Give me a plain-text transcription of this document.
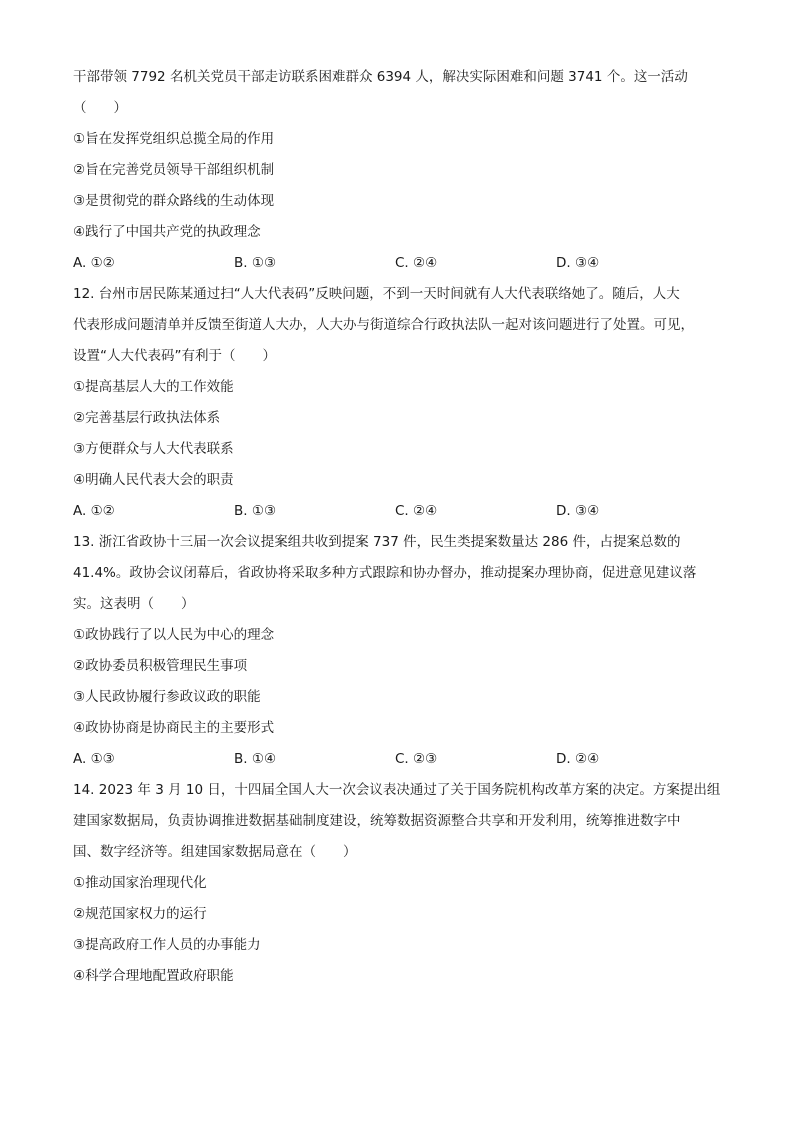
干部带领 7792 名机关党员干部走访联系困难群众 6394 人，解决实际困难和问题 3741 个。这一活动
（　　）
①旨在发挥党组织总揽全局的作用
②旨在完善党员领导干部组织机制
③是贯彻党的群众路线的生动体现
④践行了中国共产党的执政理念
A. ①②	B. ①③	C. ②④	D. ③④
12. 台州市居民陈某通过扫“人大代表码”反映问题，不到一天时间就有人大代表联络她了。随后，人大
代表形成问题清单并反馈至街道人大办，人大办与街道综合行政执法队一起对该问题进行了处置。可见，
设置“人大代表码”有利于（　　）
①提高基层人大的工作效能
②完善基层行政执法体系
③方便群众与人大代表联系
④明确人民代表大会的职责
A. ①②	B. ①③	C. ②④	D. ③④
13. 浙江省政协十三届一次会议提案组共收到提案 737 件，民生类提案数量达 286 件，占提案总数的
41.4%。政协会议闭幕后，省政协将采取多种方式跟踪和协办督办，推动提案办理协商，促进意见建议落
实。这表明（　　）
①政协践行了以人民为中心的理念
②政协委员积极管理民生事项
③人民政协履行参政议政的职能
④政协协商是协商民主的主要形式
A. ①③	B. ①④	C. ②③	D. ②④
14. 2023 年 3 月 10 日，十四届全国人大一次会议表决通过了关于国务院机构改革方案的决定。方案提出组
建国家数据局，负责协调推进数据基础制度建设，统筹数据资源整合共享和开发利用，统筹推进数字中
国、数字经济等。组建国家数据局意在（　　）
①推动国家治理现代化
②规范国家权力的运行
③提高政府工作人员的办事能力
④科学合理地配置政府职能
